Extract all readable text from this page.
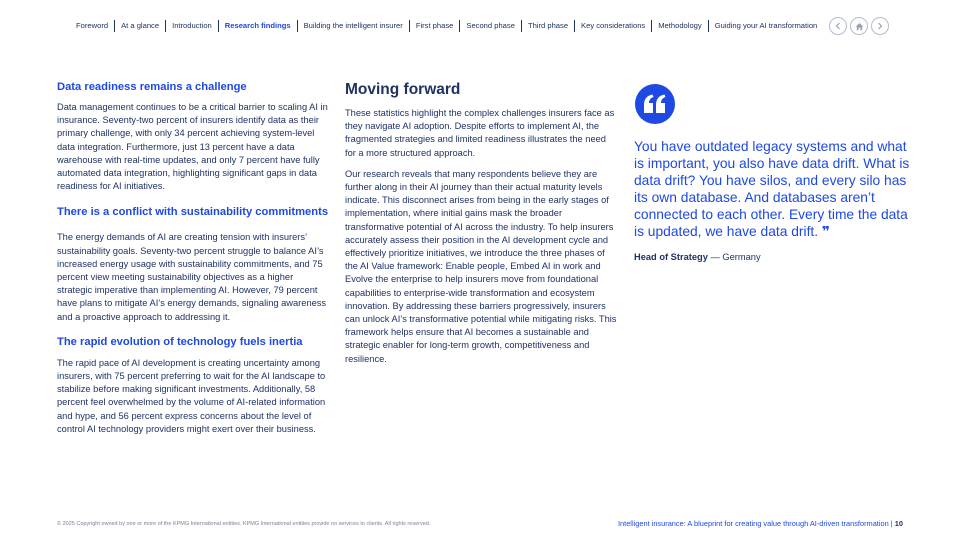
Foreword	At a glance	Introduction	Research findings	Building the intelligent insurer	First phase	Second phase	Third phase	Key considerations	Methodology	Guiding your AI transformation
Data readiness remains a challenge

Data management continues to be a critical barrier to scaling AI in insurance. Seventy-two percent of insurers identify data as their primary challenge, with only 34 percent achieving system-level data integration. Furthermore, just 13 percent have a data warehouse with real-time updates, and only 7 percent have fully automated data integration, highlighting significant gaps in data readiness for AI initiatives.

There is a conflict with sustainability commitments

The energy demands of AI are creating tension with insurers’ sustainability goals. Seventy-two percent struggle to balance AI’s increased energy usage with sustainability commitments, and 75 percent view meeting sustainability objectives as a higher strategic imperative than implementing AI. However, 79 percent have plans to mitigate AI’s energy demands, signaling awareness and a proactive approach to addressing it.

The rapid evolution of technology fuels inertia

The rapid pace of AI development is creating uncertainty among insurers, with 75 percent preferring to wait for the AI landscape to stabilize before making significant investments. Additionally, 58 percent feel overwhelmed by the volume of AI-related information and hype, and 56 percent express concerns about the level of control AI technology providers might exert over their business.

Moving forward

These statistics highlight the complex challenges insurers face as they navigate AI adoption. Despite efforts to implement AI, the fragmented strategies and limited readiness illustrates the need for a more structured approach.

Our research reveals that many respondents believe they are further along in their AI journey than their actual maturity levels indicate. This disconnect arises from being in the early stages of implementation, where initial gains mask the broader transformative potential of AI across the industry. To help insurers accurately assess their position in the AI development cycle and effectively prioritize initiatives, we introduce the three phases of the AI Value framework: Enable people, Embed AI in work and Evolve the enterprise to help insurers move from foundational capabilities to enterprise-wide transformation and ecosystem innovation. By addressing these barriers progressively, insurers can unlock AI’s transformative potential while mitigating risks. This framework helps ensure that AI becomes a sustainable and strategic enabler for long-term growth, competitiveness and resilience.

You have outdated legacy systems and what is important, you also have data drift. What is data drift? You have silos, and every silo has its own database. And databases aren’t connected to each other. Every time the data is updated, we have data drift. ❞
Head of Strategy — Germany
© 2025 Copyright owned by one or more of the KPMG International entities. KPMG International entities provide no services to clients. All rights reserved.	Intelligent insurance: A blueprint for creating value through AI-driven transformation | 10
